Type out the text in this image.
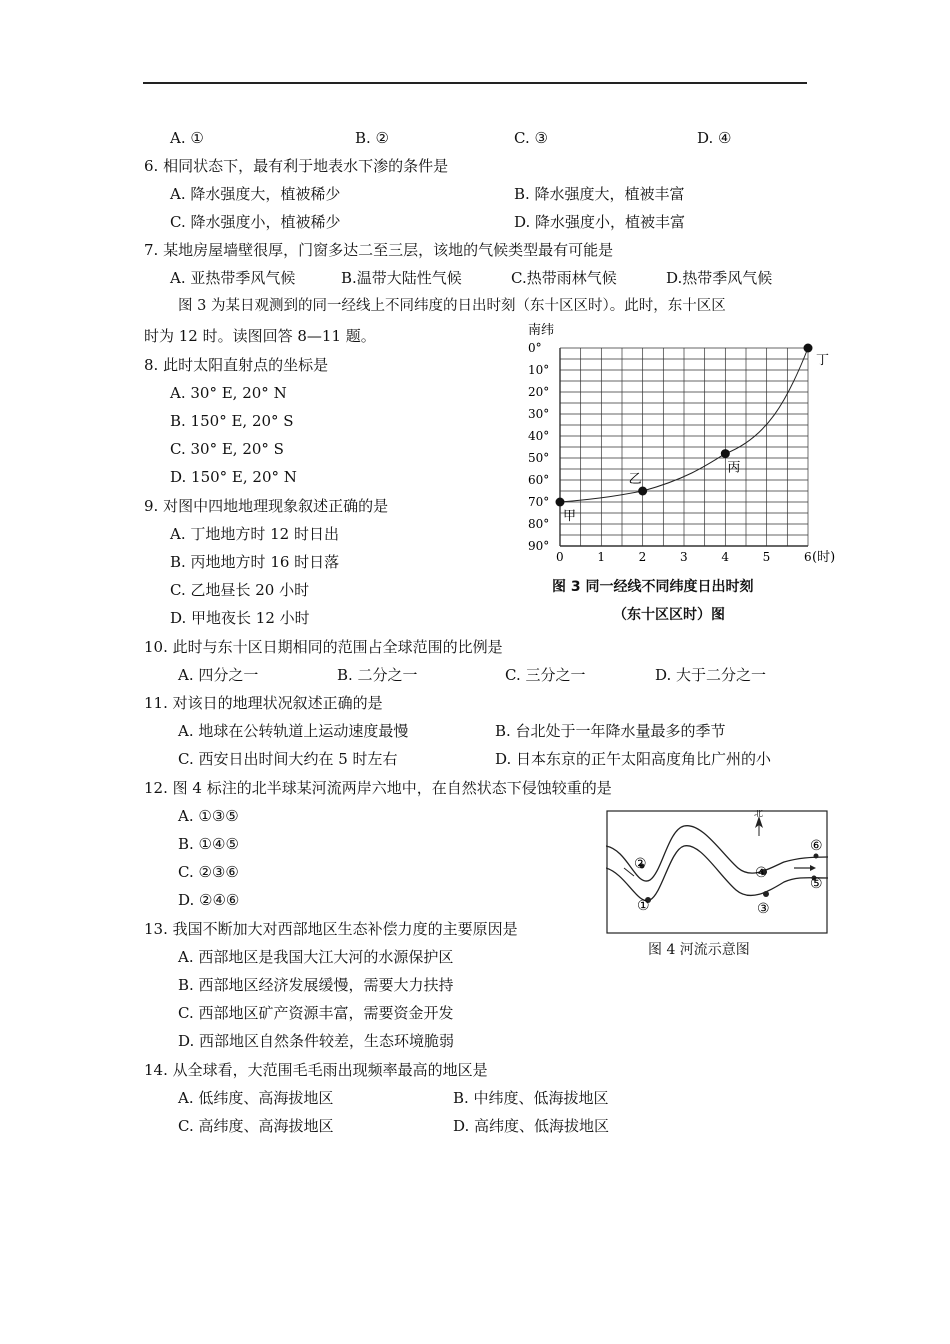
A. ①	B. ②	C. ③	D. ④
6. 相同状态下，最有利于地表水下渗的条件是
A. 降水强度大，植被稀少	B. 降水强度大，植被丰富
C. 降水强度小，植被稀少	D. 降水强度小，植被丰富
7. 某地房屋墙壁很厚，门窗多达二至三层，该地的气候类型最有可能是
A. 亚热带季风气候	B.温带大陆性气候	C.热带雨林气候	D.热带季风气候
图 3 为某日观测到的同一经线上不同纬度的日出时刻（东十区区时）。此时，东十区区
时为 12 时。读图回答 8—11 题。
8. 此时太阳直射点的坐标是
A. 30° E, 20° N
B. 150° E, 20° S
C. 30° E, 20° S
D. 150° E, 20° N
9. 对图中四地地理现象叙述正确的是
A. 丁地地方时 12 时日出
B. 丙地地方时 16 时日落
C. 乙地昼长 20 小时
D. 甲地夜长 12 小时
0°
10°
20°
30°
40°
50°
60°
70°
80°
90°
0	1	2	3	4	5	6
甲
乙
丙
丁
南纬
(时)
图 3 同一经线不同纬度日出时刻
（东十区区时）图
10. 此时与东十区日期相同的范围占全球范围的比例是
A. 四分之一	B. 二分之一	C. 三分之一	D. 大于二分之一
11. 对该日的地理状况叙述正确的是
A. 地球在公转轨道上运动速度最慢	B. 台北处于一年降水量最多的季节
C. 西安日出时间大约在 5 时左右	D. 日本东京的正午太阳高度角比广州的小
12. 图 4 标注的北半球某河流两岸六地中，在自然状态下侵蚀较重的是
A. ①③⑤
B. ①④⑤
C. ②③⑥
D. ②④⑥
北
①
②
③
④
⑤
⑥
图 4 河流示意图
13. 我国不断加大对西部地区生态补偿力度的主要原因是
A. 西部地区是我国大江大河的水源保护区
B. 西部地区经济发展缓慢，需要大力扶持
C. 西部地区矿产资源丰富，需要资金开发
D. 西部地区自然条件较差，生态环境脆弱
14. 从全球看，大范围毛毛雨出现频率最高的地区是
A. 低纬度、高海拔地区	B. 中纬度、低海拔地区
C. 高纬度、高海拔地区	D. 高纬度、低海拔地区
